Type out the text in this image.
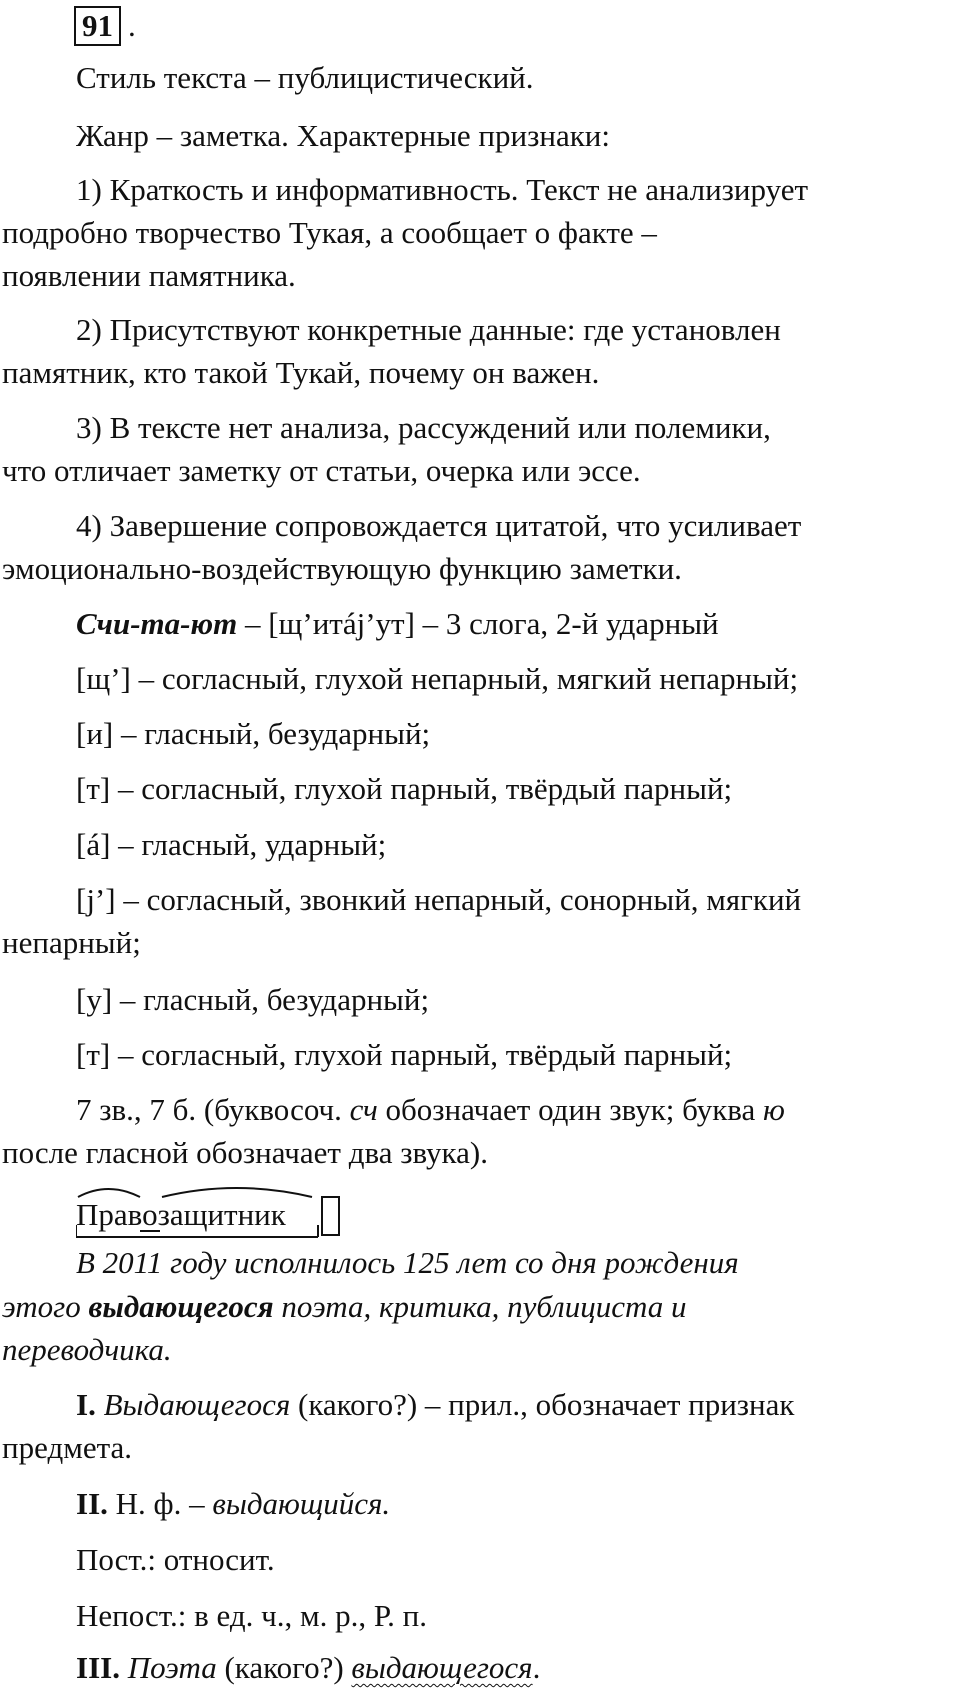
91 .
Стиль текста – публицистический.
Жанр – заметка. Характерные признаки:
1) Краткость и информативность. Текст не анализирует
подробно творчество Тукая, а сообщает о факте –
появлении памятника.
2) Присутствуют конкретные данные: где установлен
памятник, кто такой Тукай, почему он важен.
3) В тексте нет анализа, рассуждений или полемики,
что отличает заметку от статьи, очерка или эссе.
4) Завершение сопровождается цитатой, что усиливает
эмоционально-воздействующую функцию заметки.
Счи-та-ют – [щ’итáj’ут] – 3 слога, 2-й ударный
[щ’] – согласный, глухой непарный, мягкий непарный;
[и] – гласный, безударный;
[т] – согласный, глухой парный, твёрдый парный;
[á] – гласный, ударный;
[j’] – согласный, звонкий непарный, сонорный, мягкий
непарный;
[у] – гласный, безударный;
[т] – согласный, глухой парный, твёрдый парный;
7 зв., 7 б. (буквосоч. сч обозначает один звук; буква ю
после гласной обозначает два звука).
Правозащитник
В 2011 году исполнилось 125 лет со дня рождения
этого выдающегося поэта, критика, публициста и
переводчика.
I. Выдающегося (какого?) – прил., обозначает признак
предмета.
II. Н. ф. – выдающийся.
Пост.: относит.
Непост.: в ед. ч., м. р., Р. п.
III. Поэта (какого?) выдающегося.
